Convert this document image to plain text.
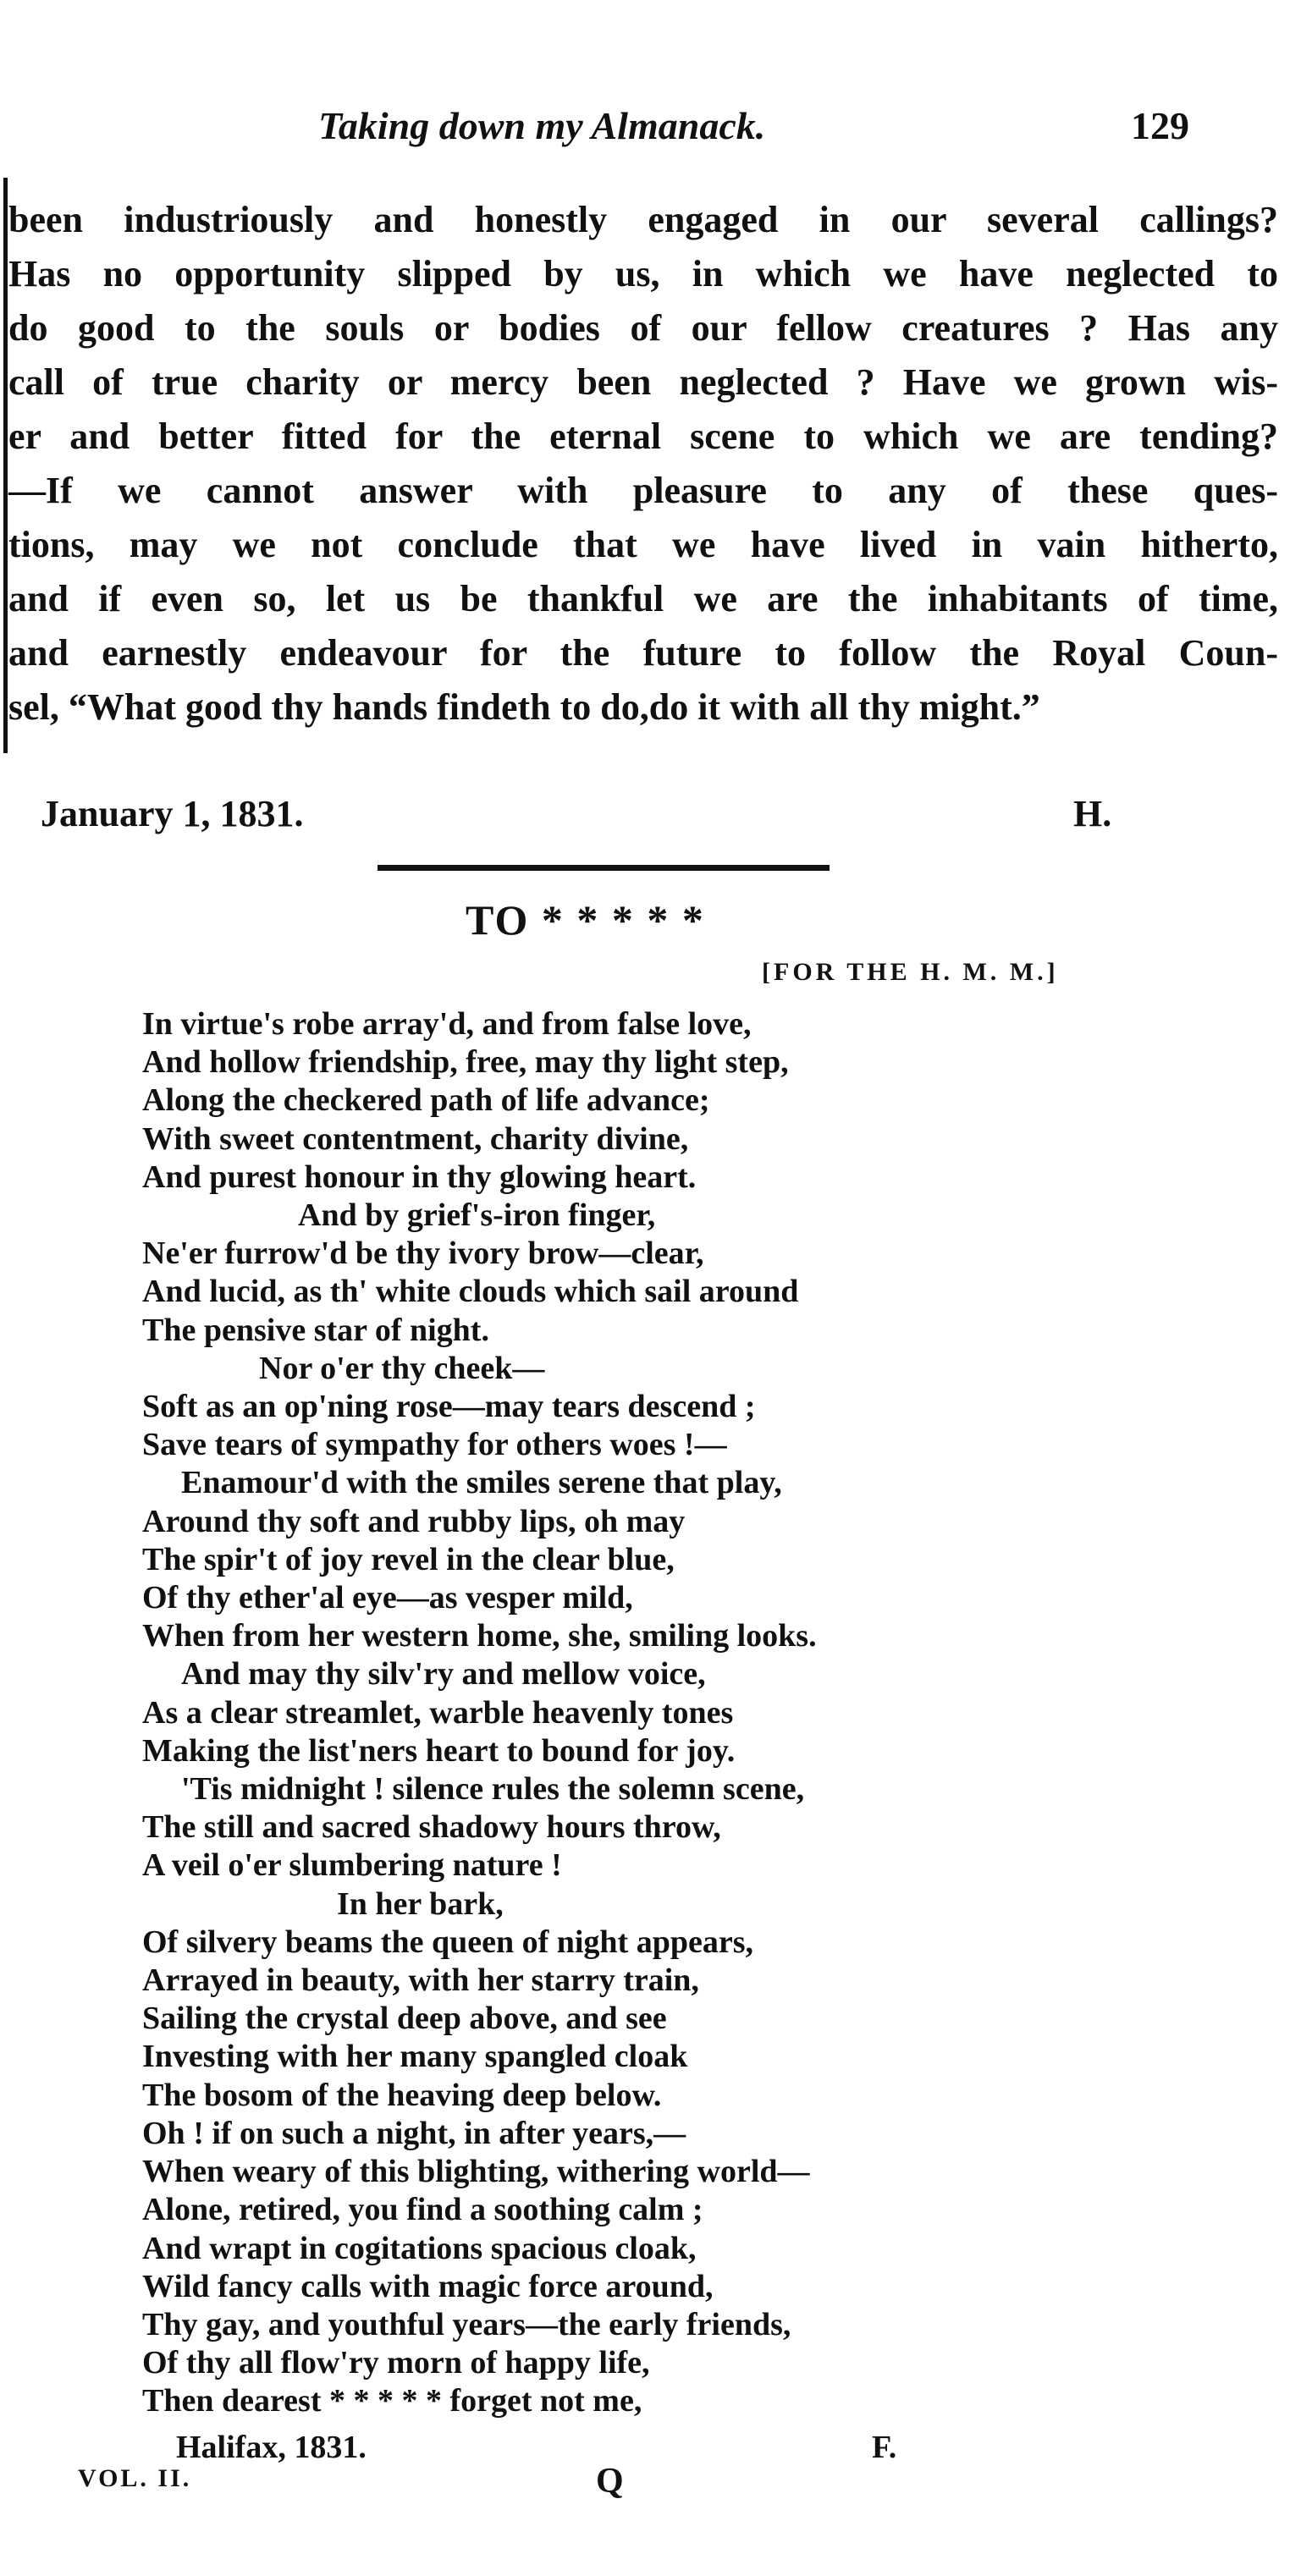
Taking down my Almanack.	129
been industriously and honestly engaged in our several callings?
Has no opportunity slipped by us, in which we have neglected to
do good to the souls or bodies of our fellow creatures ? Has any
call of true charity or mercy been neglected ? Have we grown wis-
er and better fitted for the eternal scene to which we are tending?
—If we cannot answer with pleasure to any of these ques-
tions, may we not conclude that we have lived in vain hitherto,
and if even so, let us be thankful we are the inhabitants of time,
and earnestly endeavour for the future to follow the Royal Coun-
sel, “What good thy hands findeth to do,do it with all thy might.”
January 1, 1831.	H.
TO * * * * *
[FOR THE H. M. M.]
In virtue's robe array'd, and from false love,
And hollow friendship, free, may thy light step,
Along the checkered path of life advance;
With sweet contentment, charity divine,
And purest honour in thy glowing heart.
And by grief's-iron finger,
Ne'er furrow'd be thy ivory brow—clear,
And lucid, as th' white clouds which sail around
The pensive star of night.
Nor o'er thy cheek—
Soft as an op'ning rose—may tears descend ;
Save tears of sympathy for others woes !—
Enamour'd with the smiles serene that play,
Around thy soft and rubby lips, oh may
The spir't of joy revel in the clear blue,
Of thy ether'al eye—as vesper mild,
When from her western home, she, smiling looks.
And may thy silv'ry and mellow voice,
As a clear streamlet, warble heavenly tones
Making the list'ners heart to bound for joy.
'Tis midnight ! silence rules the solemn scene,
The still and sacred shadowy hours throw,
A veil o'er slumbering nature !
In her bark,
Of silvery beams the queen of night appears,
Arrayed in beauty, with her starry train,
Sailing the crystal deep above, and see
Investing with her many spangled cloak
The bosom of the heaving deep below.
Oh ! if on such a night, in after years,—
When weary of this blighting, withering world—
Alone, retired, you find a soothing calm ;
And wrapt in cogitations spacious cloak,
Wild fancy calls with magic force around,
Thy gay, and youthful years—the early friends,
Of thy all flow'ry morn of happy life,
Then dearest * * * * * forget not me,
Halifax, 1831.	F.
VOL. II.	Q
